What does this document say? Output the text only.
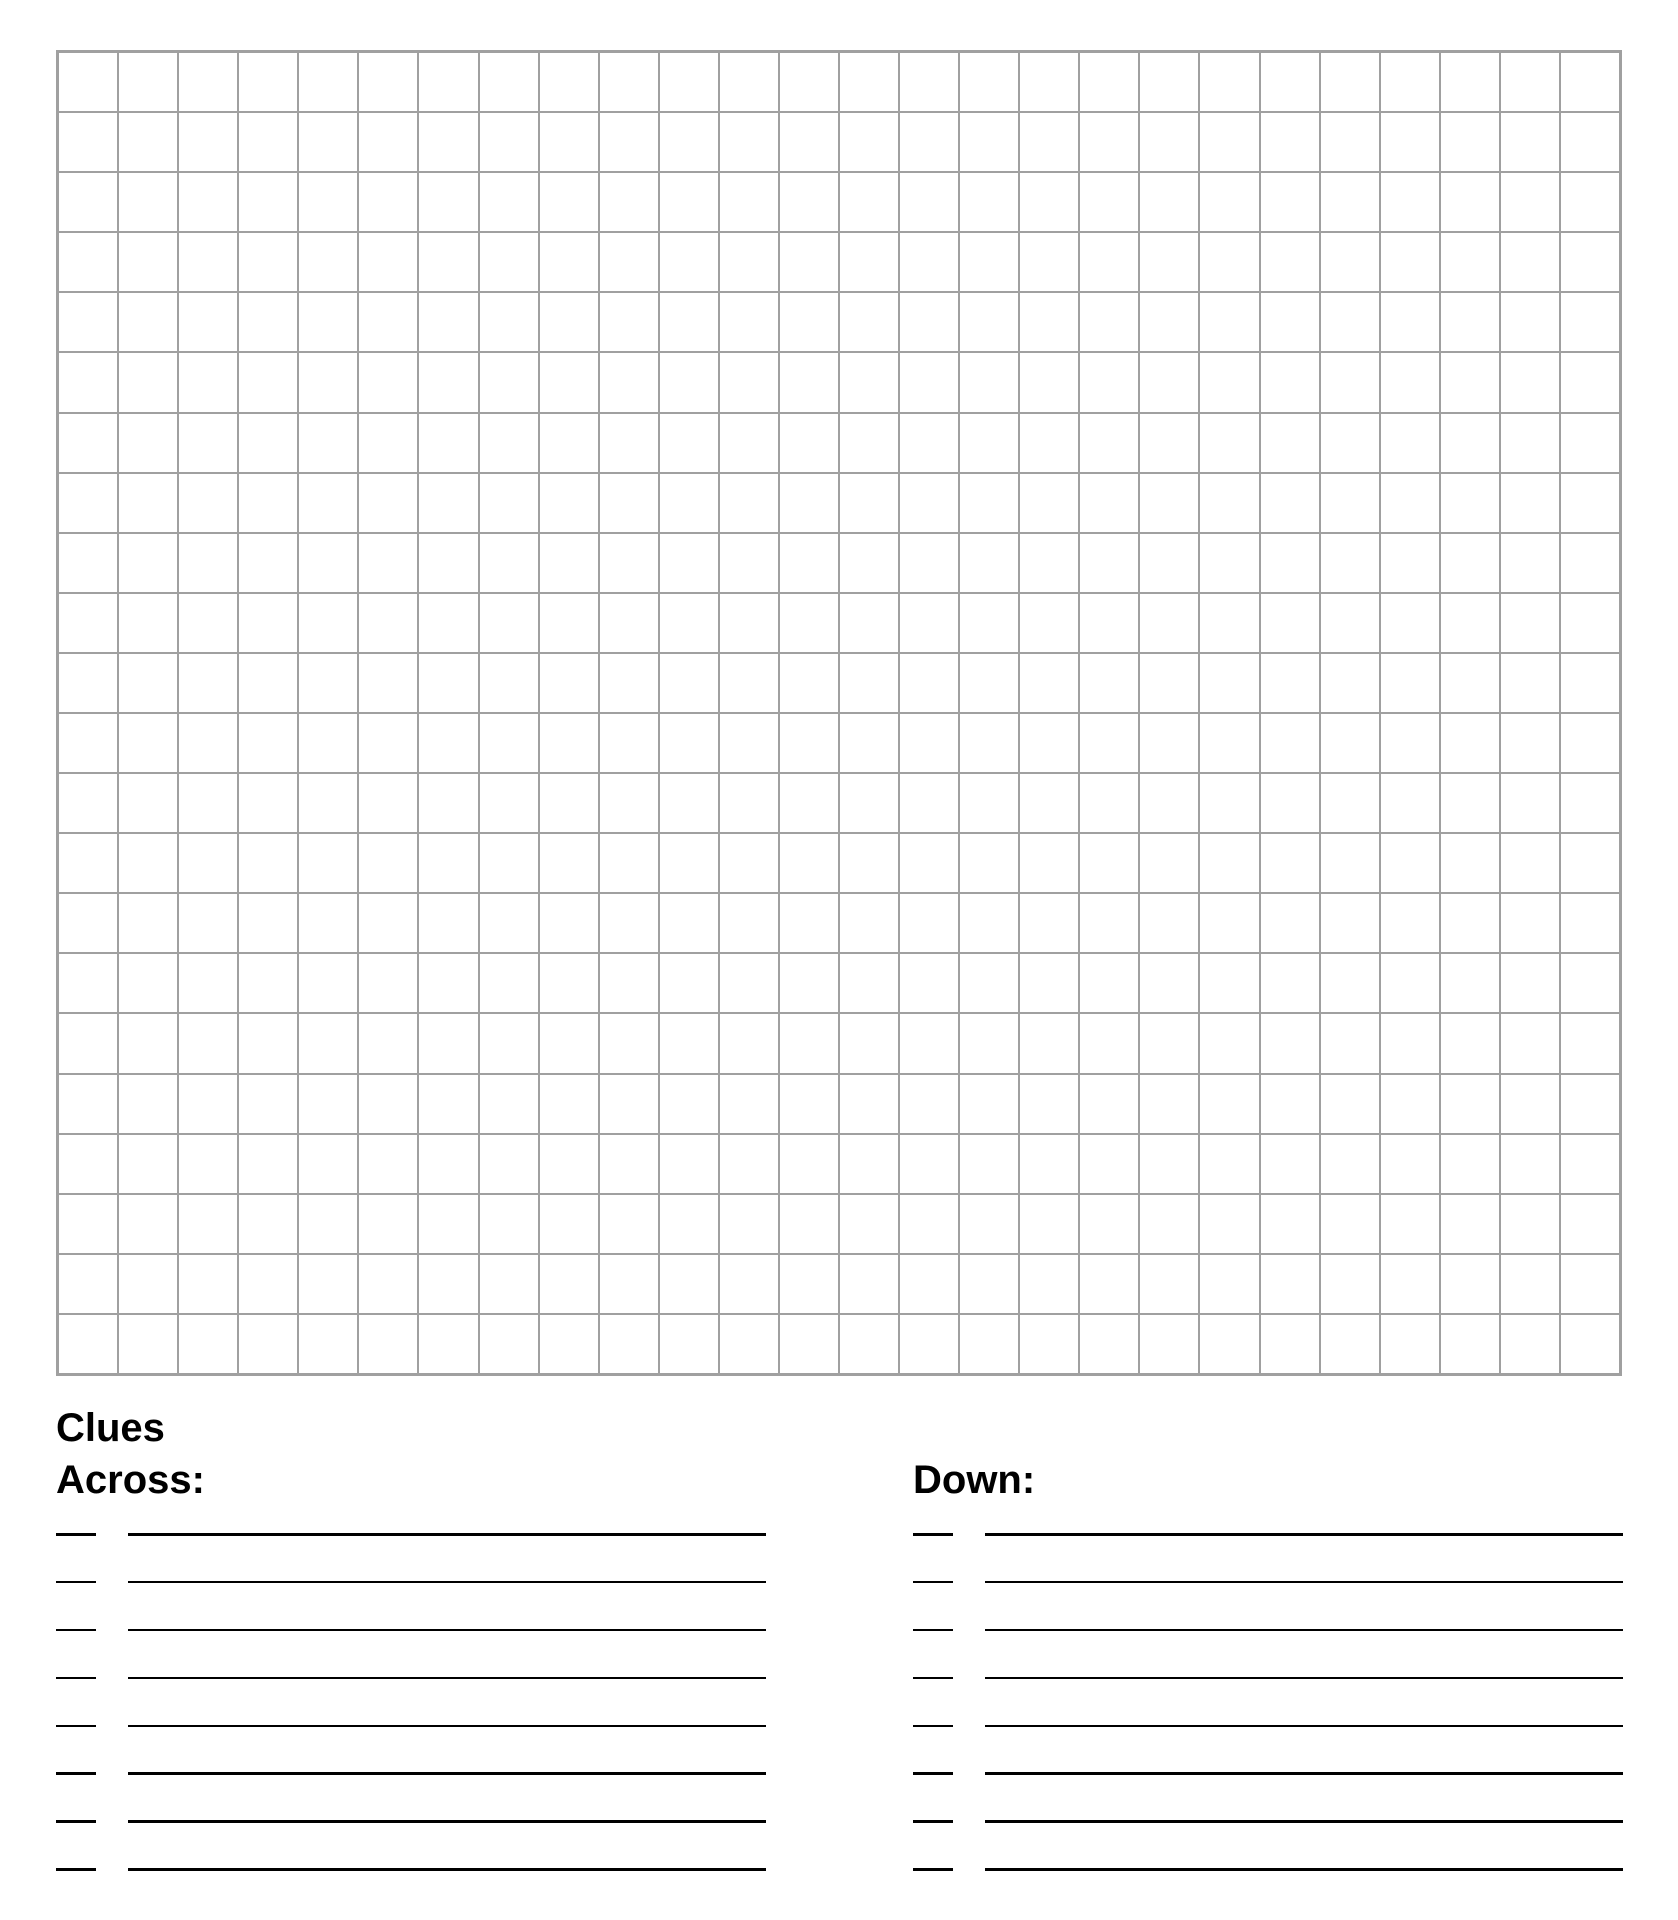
Clues
Across:	Down:
